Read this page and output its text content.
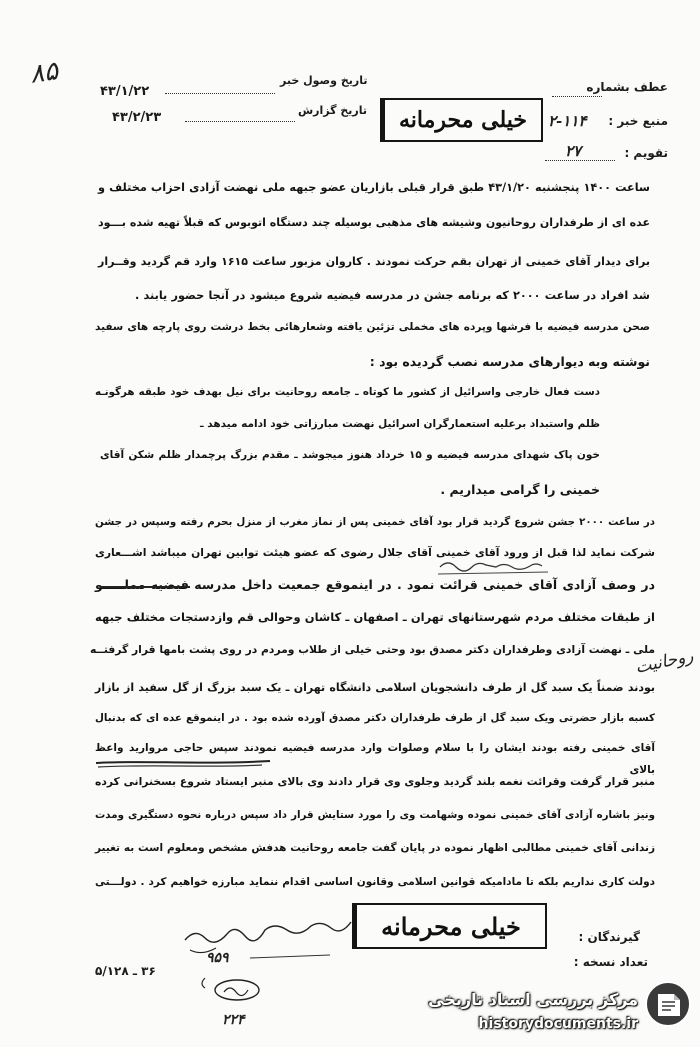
۸۵	تاریخ وصول خبر
۴۳/۱/۲۲
تاریخ گزارش
۴۳/۲/۲۳	خیلی محرمانه
عطف بشماره
منبع خبر :
۲-۱۱۴
تقویم :
۲۷
ساعت ۱۴۰۰ پنجشنبه ۴۳/۱/۲۰ طبق قرار قبلی بازاریان عضو جبهه ملی نهضت آزادی احزاب مختلف و
عده ای از طرفداران روحانیون وشیشه های مذهبی بوسیله چند دستگاه اتوبوس که قبلاً تهیه شده بـــود
برای دیدار آقای خمینی از تهران بقم حرکت نمودند . کاروان مزبور ساعت ۱۶۱۵ وارد قم گردید وقــرار
شد افراد در ساعت ۲۰۰۰ که برنامه جشن در مدرسه فیضیه شروع میشود در آنجا حضور یابند .
صحن مدرسه فیضیه با فرشها وپرده های مخملی تزئین یافته وشعارهائی بخط درشت روی پارچه های سفید
نوشته وبه دیوارهای مدرسه نصب گردیده بود :
دست فعال خارجی واسرائیل از کشور ما کوتاه ـ جامعه روحانیت برای نیل بهدف خود طبقه هرگونـه
ظلم واستبداد برعلیه استعمارگران اسرائیل نهضت مبارزاتی خود ادامه میدهد ـ
خون پاک شهدای مدرسه فیضیه و ۱۵ خرداد هنوز میجوشد ـ مقدم بزرگ پرچمدار ظلم شکن آقای
خمینی را گرامی میداریم .
در ساعت ۲۰۰۰ جشن شروع گردید قرار بود آقای خمینی پس از نماز مغرب از منزل بحرم رفته وسپس در جشن
شرکت نماید لذا قبل از ورود آقای خمینی آقای جلال رضوی که عضو هیئت توابین تهران میباشد اشـــعاری
در وصف آزادی آقای خمینی قرائت نمود . در اینموقع جمعیت داخل مدرسه فیضیه مملـــــو
از طبقات مختلف مردم شهرستانهای تهران ـ اصفهان ـ کاشان وحوالی قم وازدستجات مختلف جبهه
ملی ـ نهضت آزادی وطرفداران دکتر مصدق بود وحتی خیلی از طلاب ومردم در روی پشت بامها قرار گرفتــه
بودند ضمناً یک سبد گل از طرف دانشجویان اسلامی دانشگاه تهران ـ یک سبد بزرگ از گل سفید از بازار
کسبه بازار حضرتی ویک سبد گل از طرف طرفداران دکتر مصدق آورده شده بود . در اینموقع عده ای که بدنبال
آقای خمینی رفته بودند ایشان را با سلام وصلوات وارد مدرسه فیضیه نمودند سپس حاجی مروارید واعظ بالای
منبر قرار گرفت وقرائت نغمه بلند گردید وجلوی وی قرار دادند وی بالای منبر ایستاد شروع بسخنرانی کرده
ونیز باشاره آزادی آقای خمینی نموده وشهامت وی را مورد ستایش قرار داد سپس درباره نحوه دستگیری ومدت
زندانی آقای خمینی مطالبی اظهار نموده در پایان گفت جامعه روحانیت هدفش مشخص ومعلوم است به تغییر
دولت کاری نداریم بلکه تا مادامیکه قوانین اسلامی وقانون اساسی اقدام ننماید مبارزه خواهیم کرد . دولـــتی
روحانیت
۹۵۹
۲۲۴
خیلی محرمانه	گیرندگان :
تعداد نسخه :
۳۶ ـ ۵/۱۲۸
مرکز بررسی اسناد تاریخی
historydocuments.ir
